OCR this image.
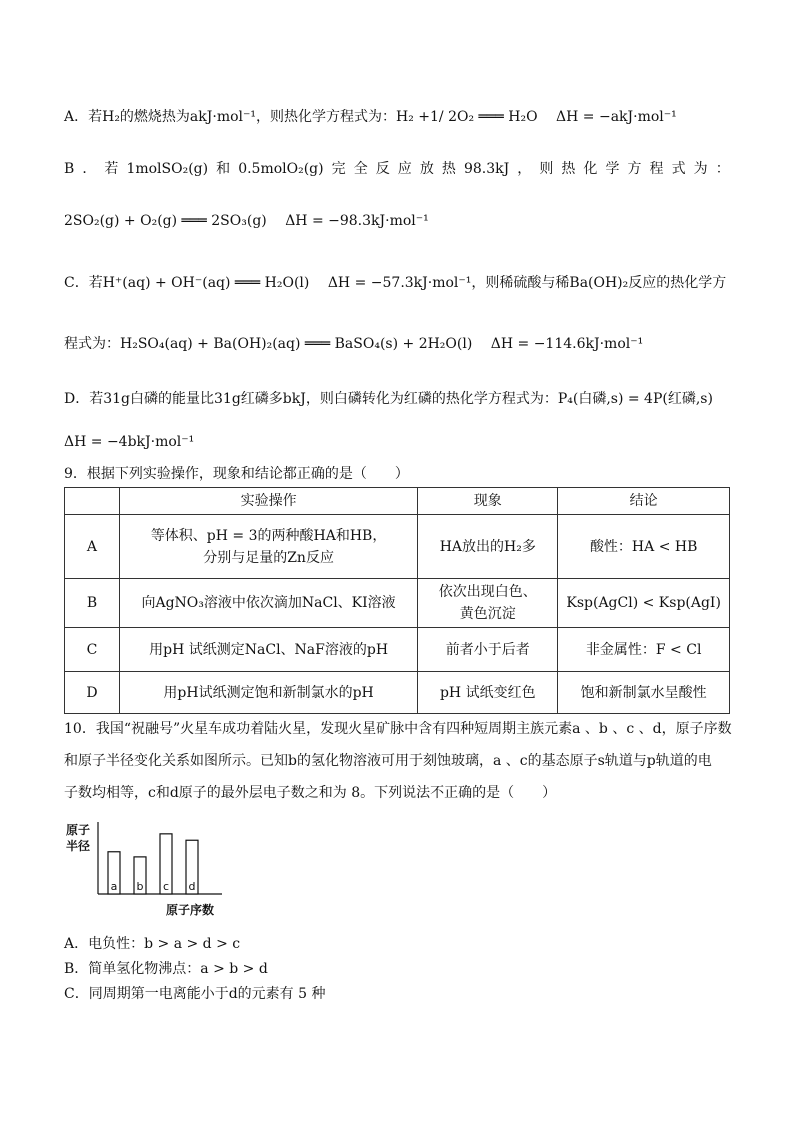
A．若H₂的燃烧热为akJ·mol⁻¹，则热化学方程式为：H₂ +1/ 2O₂ ═══ H₂O　 ΔH = −akJ·mol⁻¹
B ． 若 1molSO₂(g) 和 0.5molO₂(g) 完 全 反 应 放 热 98.3kJ ， 则 热 化 学 方 程 式 为 ：
2SO₂(g) + O₂(g) ═══ 2SO₃(g)　 ΔH = −98.3kJ·mol⁻¹
C．若H⁺(aq) + OH⁻(aq) ═══ H₂O(l)　 ΔH = −57.3kJ·mol⁻¹，则稀硫酸与稀Ba(OH)₂反应的热化学方
程式为：H₂SO₄(aq) + Ba(OH)₂(aq) ═══ BaSO₄(s) + 2H₂O(l)　 ΔH = −114.6kJ·mol⁻¹
D．若31g白磷的能量比31g红磷多bkJ，则白磷转化为红磷的热化学方程式为：P₄(白磷,s) = 4P(红磷,s)
ΔH = −4bkJ·mol⁻¹
9．根据下列实验操作，现象和结论都正确的是（　　）
	实验操作	现象	结论
A	等体积、pH = 3的两种酸HA和HB，分别与足量的Zn反应	HA放出的H₂多	酸性：HA < HB
B	向AgNO₃溶液中依次滴加NaCl、KI溶液	依次出现白色、黄色沉淀	Ksp(AgCl) < Ksp(AgI)
C	用pH 试纸测定NaCl、NaF溶液的pH	前者小于后者	非金属性：F < Cl
D	用pH试纸测定饱和新制氯水的pH	pH 试纸变红色	饱和新制氯水呈酸性
10．我国“祝融号”火星车成功着陆火星，发现火星矿脉中含有四种短周期主族元素a 、b 、c 、d，原子序数
和原子半径变化关系如图所示。已知b的氢化物溶液可用于刻蚀玻璃，a 、c的基态原子s轨道与p轨道的电
子数均相等，c和d原子的最外层电子数之和为 8。下列说法不正确的是（　　）
原子
半径
a b c d
原子序数
A．电负性：b > a > d > c
B．简单氢化物沸点：a > b > d
C．同周期第一电离能小于d的元素有 5 种
